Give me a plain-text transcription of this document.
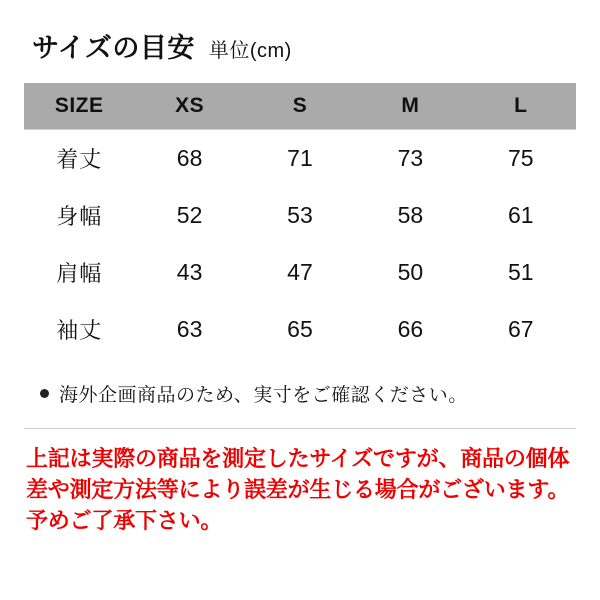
サイズの目安 単位(cm)
SIZE	XS	S	M	L
着丈	68	71	73	75
身幅	52	53	58	61
肩幅	43	47	50	51
袖丈	63	65	66	67
海外企画商品のため、実寸をご確認ください。
上記は実際の商品を測定したサイズですが、商品の個体差や測定方法等により誤差が生じる場合がございます。予めご了承下さい。
